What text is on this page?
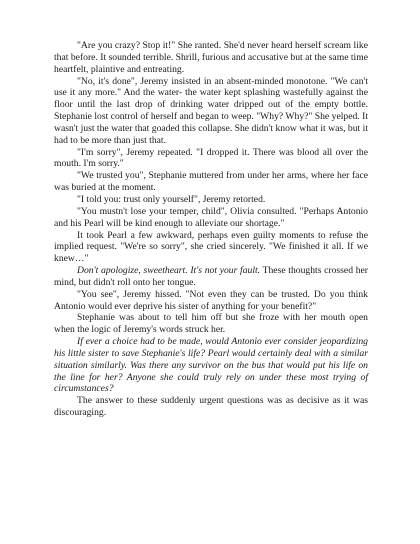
"Are you crazy? Stop it!" She ranted. She'd never heard herself scream like that before. It sounded terrible. Shrill, furious and accusative but at the same time heartfelt, plaintive and entreating.

"No, it's done", Jeremy insisted in an absent-minded monotone. "We can't use it any more." And the water- the water kept splashing wastefully against the floor until the last drop of drinking water dripped out of the empty bottle. Stephanie lost control of herself and began to weep. "Why? Why?" She yelped. It wasn't just the water that goaded this collapse. She didn't know what it was, but it had to be more than just that.

"I'm sorry", Jeremy repeated. "I dropped it. There was blood all over the mouth. I'm sorry."

"We trusted you", Stephanie muttered from under her arms, where her face was buried at the moment.

"I told you: trust only yourself", Jeremy retorted.

"You mustn't lose your temper, child", Olivia consulted. "Perhaps Antonio and his Pearl will be kind enough to alleviate our shortage."

It took Pearl a few awkward, perhaps even guilty moments to refuse the implied request. "We're so sorry", she cried sincerely. "We finished it all. If we knew…"

Don't apologize, sweetheart. It's not your fault. These thoughts crossed her mind, but didn't roll onto her tongue.

"You see", Jeremy hissed. "Not even they can be trusted. Do you think Antonio would ever deprive his sister of anything for your benefit?"

Stephanie was about to tell him off but she froze with her mouth open when the logic of Jeremy's words struck her.

If ever a choice had to be made, would Antonio ever consider jeopardizing his little sister to save Stephanie's life? Pearl would certainly deal with a similar situation similarly. Was there any survivor on the bus that would put his life on the line for her? Anyone she could truly rely on under these most trying of circumstances?

The answer to these suddenly urgent questions was as decisive as it was discouraging.
